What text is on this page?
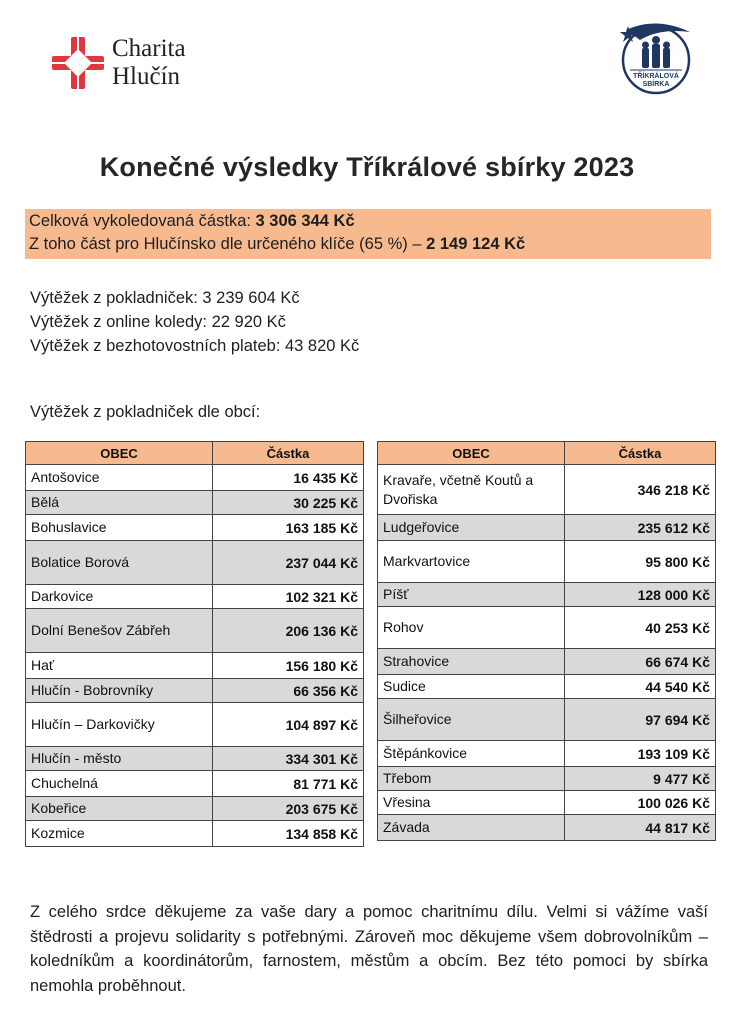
Charita
Hlučín	TŘÍKRÁLOVÁ
SBÍRKA
Konečné výsledky Tříkrálové sbírky 2023
Celková vykoledovaná částka: 3 306 344 Kč
Z toho část pro Hlučínsko dle určeného klíče (65 %) – 2 149 124 Kč
Výtěžek z pokladniček: 3 239 604 Kč
Výtěžek z online koledy: 22 920 Kč
Výtěžek z bezhotovostních plateb: 43 820 Kč
Výtěžek z pokladniček dle obcí:
OBEC	Částka
Antošovice	16 435 Kč
Bělá	30 225 Kč
Bohuslavice	163 185 Kč
Bolatice Borová	237 044 Kč
Darkovice	102 321 Kč
Dolní Benešov Zábřeh	206 136 Kč
Hať	156 180 Kč
Hlučín - Bobrovníky	66 356 Kč
Hlučín – Darkovičky	104 897 Kč
Hlučín - město	334 301 Kč
Chuchelná	81 771 Kč
Kobeřice	203 675 Kč
Kozmice	134 858 Kč
OBEC	Částka
Kravaře, včetně Koutů a Dvořiska	346 218 Kč
Ludgeřovice	235 612 Kč
Markvartovice	95 800 Kč
Píšť	128 000 Kč
Rohov	40 253 Kč
Strahovice	66 674 Kč
Sudice	44 540 Kč
Šilheřovice	97 694 Kč
Štěpánkovice	193 109 Kč
Třebom	9 477 Kč
Vřesina	100 026 Kč
Závada	44 817 Kč
Z celého srdce děkujeme za vaše dary a pomoc charitnímu dílu. Velmi si vážíme vaší štědrosti a projevu solidarity s potřebnými. Zároveň moc děkujeme všem dobrovolníkům – koledníkům a koordinátorům, farnostem, městům a obcím. Bez této pomoci by sbírka nemohla proběhnout.
